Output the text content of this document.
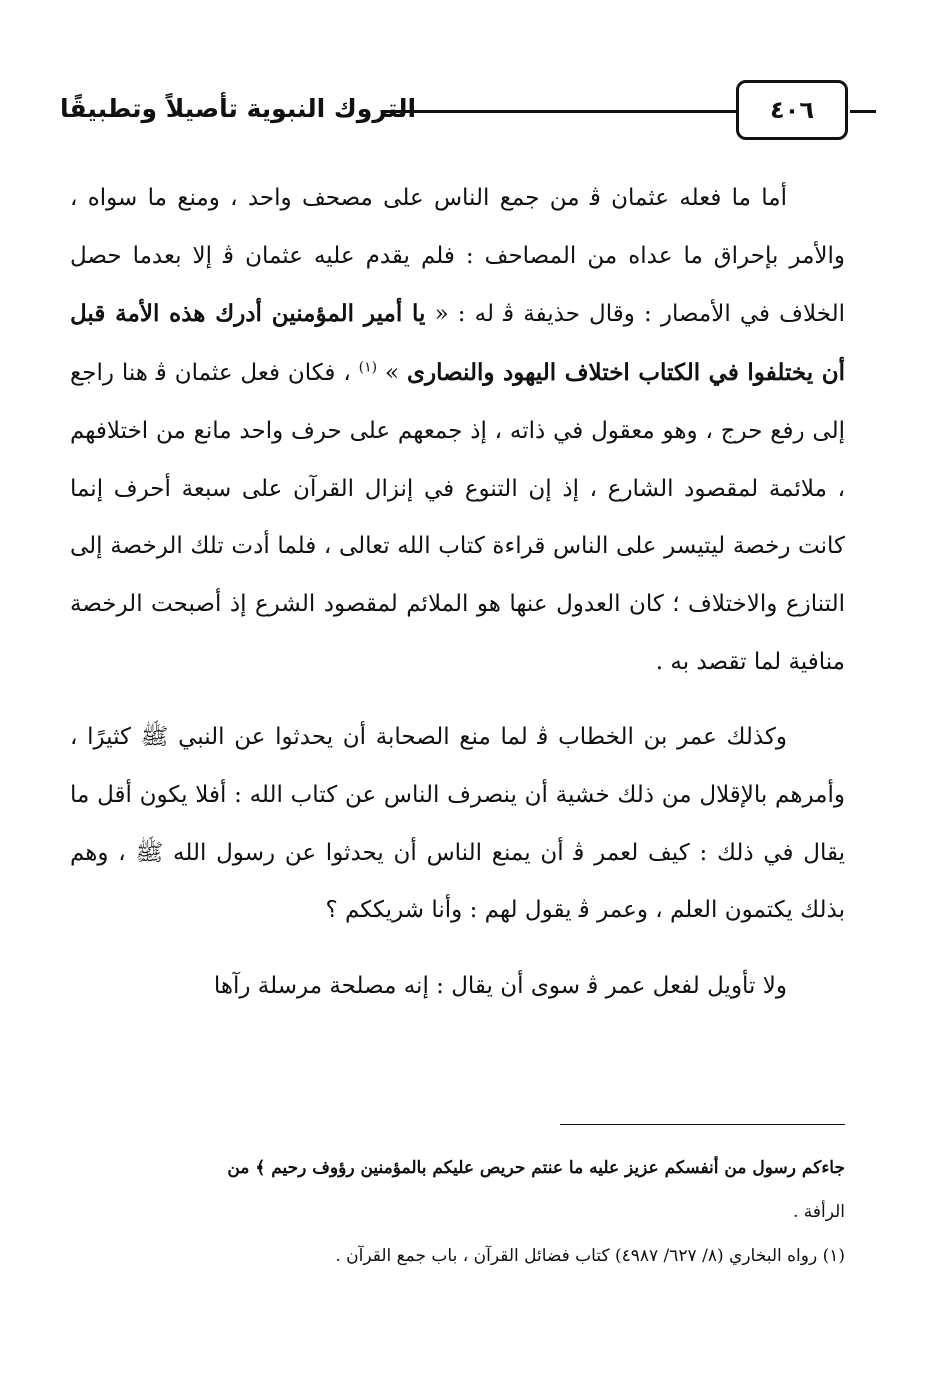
التروك النبوية تأصيلاً وتطبيقًا	٤٠٦

أما ما فعله عثمان ﭬ من جمع الناس على مصحف واحد ، ومنع ما سواه ، والأمر بإحراق ما عداه من المصاحف : فلم يقدم عليه عثمان ﭬ إلا بعدما حصل الخلاف في الأمصار : وقال حذيفة ﭬ له : « يا أمير المؤمنين أدرك هذه الأمة قبل أن يختلفوا في الكتاب اختلاف اليهود والنصارى » $^{(١)}$ ، فكان فعل عثمان ﭬ هنا راجع إلى رفع حرج ، وهو معقول في ذاته ، إذ جمعهم على حرف واحد مانع من اختلافهم ، ملائمة لمقصود الشارع ، إذ إن التنوع في إنزال القرآن على سبعة أحرف إنما كانت رخصة ليتيسر على الناس قراءة كتاب الله تعالى ، فلما أدت تلك الرخصة إلى التنازع والاختلاف ؛ كان العدول عنها هو الملائم لمقصود الشرع إذ أصبحت الرخصة منافية لما تقصد به .

وكذلك عمر بن الخطاب ﭬ لما منع الصحابة أن يحدثوا عن النبي ﷺ كثيرًا ، وأمرهم بالإقلال من ذلك خشية أن ينصرف الناس عن كتاب الله : أفلا يكون أقل ما يقال في ذلك : كيف لعمر ﭬ أن يمنع الناس أن يحدثوا عن رسول الله ﷺ ، وهم بذلك يكتمون العلم ، وعمر ﭬ يقول لهم : وأنا شريككم ؟

ولا تأويل لفعل عمر ﭬ سوى أن يقال : إنه مصلحة مرسلة رآها

جاءكم رسول من أنفسكم عزيز عليه ما عنتم حريص عليكم بالمؤمنين رؤوف رحيم ﴾ من
الرأفة .

(١) رواه البخاري (٨/ ٦٢٧/ ٤٩٨٧) كتاب فضائل القرآن ، باب جمع القرآن .
